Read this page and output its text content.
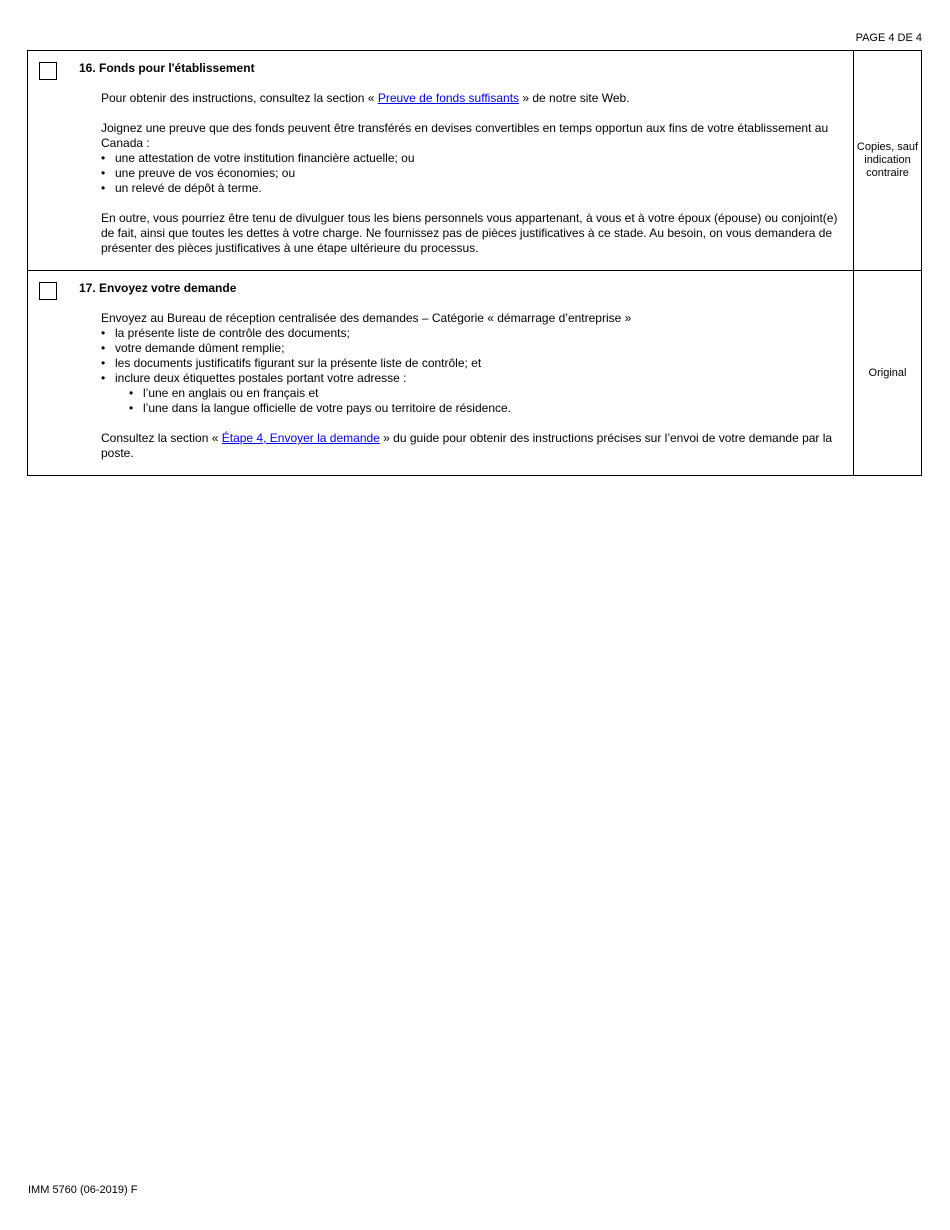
PAGE 4 DE 4
16. Fonds pour l'établissement

Pour obtenir des instructions, consultez la section « Preuve de fonds suffisants » de notre site Web.

Joignez une preuve que des fonds peuvent être transférés en devises convertibles en temps opportun aux fins de votre établissement au Canada :
• une attestation de votre institution financière actuelle; ou
• une preuve de vos économies; ou
• un relevé de dépôt à terme.

En outre, vous pourriez être tenu de divulguer tous les biens personnels vous appartenant, à vous et à votre époux (épouse) ou conjoint(e) de fait, ainsi que toutes les dettes à votre charge. Ne fournissez pas de pièces justificatives à ce stade. Au besoin, on vous demandera de présenter des pièces justificatives à une étape ultérieure du processus.

Copies, sauf indication contraire
17. Envoyez votre demande
Envoyez au Bureau de réception centralisée des demandes – Catégorie « démarrage d’entreprise »
• la présente liste de contrôle des documents;
• votre demande dûment remplie;
• les documents justificatifs figurant sur la présente liste de contrôle; et
• inclure deux étiquettes postales portant votre adresse :
• l’une en anglais ou en français et
• l’une dans la langue officielle de votre pays ou territoire de résidence.

Consultez la section « Étape 4, Envoyer la demande » du guide pour obtenir des instructions précises sur l’envoi de votre demande par la poste.

Original
IMM 5760 (06-2019) F
